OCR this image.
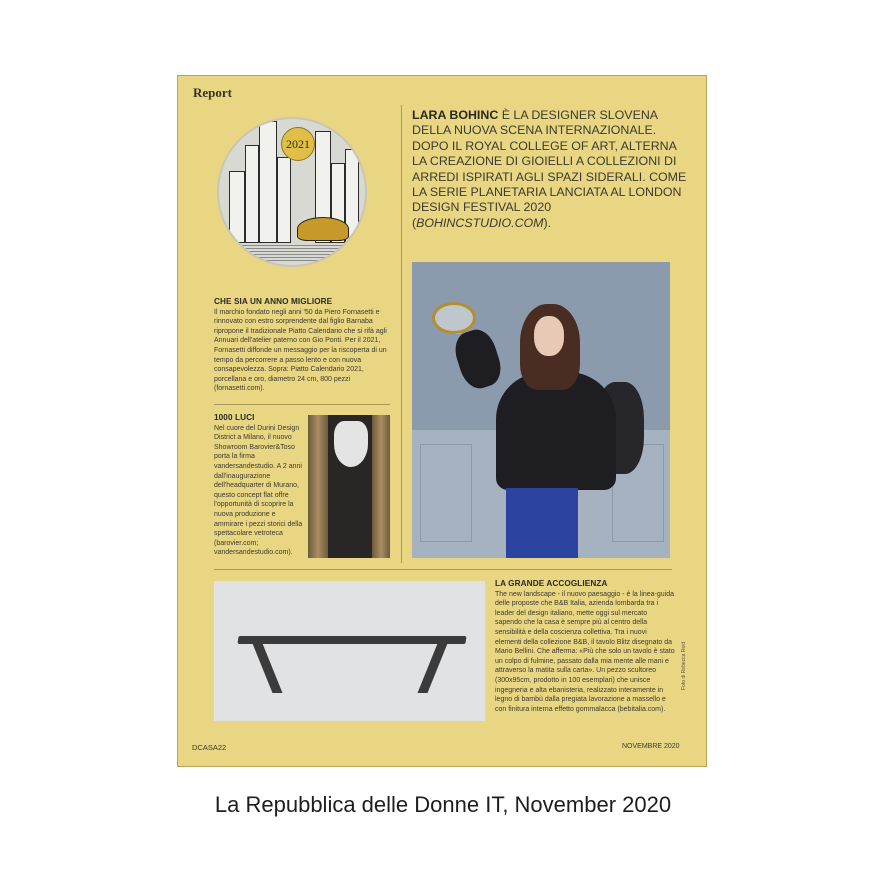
Report
2021
CHE SIA UN ANNO MIGLIORE

Il marchio fondato negli anni '50 da Piero Fornasetti e rinnovato con estro sorprendente dal figlio Barnaba ripropone il tradizionale Piatto Calendario che si rifà agli Annuari dell'atelier paterno con Gio Ponti. Per il 2021, Fornasetti diffonde un messaggio per la riscoperta di un tempo da percorrere a passo lento e con nuova consapevolezza. Sopra: Piatto Calendario 2021, porcellana e oro, diametro 24 cm, 800 pezzi (fornasetti.com).

1000 LUCI

Nel cuore del Durini Design District a Milano, il nuovo Showroom Barovier&Toso porta la firma vandersandestudio. A 2 anni dall'inaugurazione dell'headquarter di Murano, questo concept flat offre l'opportunità di scoprire la nuova produzione e ammirare i pezzi storici della spettacolare vetroteca (barovier.com; vandersandestudio.com).

LARA BOHINC È LA DESIGNER SLOVENA DELLA NUOVA SCENA INTERNAZIONALE. DOPO IL ROYAL COLLEGE OF ART, ALTERNA LA CREAZIONE DI GIOIELLI A COLLEZIONI DI ARREDI ISPIRATI AGLI SPAZI SIDERALI. COME LA SERIE PLANETARIA LANCIATA AL LONDON DESIGN FESTIVAL 2020 (BOHINCSTUDIO.COM).
LA GRANDE ACCOGLIENZA

The new landscape - il nuovo paesaggio - è la linea-guida delle proposte che B&B Italia, azienda lombarda tra i leader del design italiano, mette oggi sul mercato sapendo che la casa è sempre più al centro della sensibilità e della coscienza collettiva. Tra i nuovi elementi della collezione B&B, il tavolo Blitz disegnato da Mario Bellini. Che afferma: «Più che solo un tavolo è stato un colpo di fulmine, passato dalla mia mente alle mani e attraverso la matita sulla carta». Un pezzo scultoreo (300x95cm, prodotto in 100 esemplari) che unisce ingegneria e alta ebanisteria, realizzato interamente in legno di bambù dalla pregiata lavorazione a massello e con finitura interna effetto gommalacca (bebitalia.com).

Foto di Rebecca Reid
DCASA22	NOVEMBRE 2020
La Repubblica delle Donne IT, November 2020
